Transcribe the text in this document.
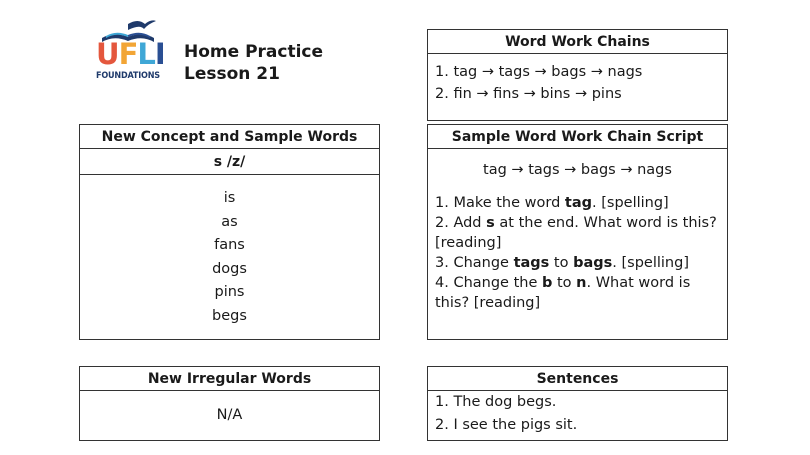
UFLI
FOUNDATIONS
Home Practice
Lesson 21
Word Work Chains
1. tag → tags → bags → nags
2. fin → fins → bins → pins
New Concept and Sample Words
s /z/
is
as
fans
dogs
pins
begs
Sample Word Work Chain Script
tag → tags → bags → nags
1. Make the word tag. [spelling]
2. Add s at the end. What word is this? [reading]
3. Change tags to bags. [spelling]
4. Change the b to n. What word is this? [reading]
New Irregular Words
N/A
Sentences
1. The dog begs.
2. I see the pigs sit.
